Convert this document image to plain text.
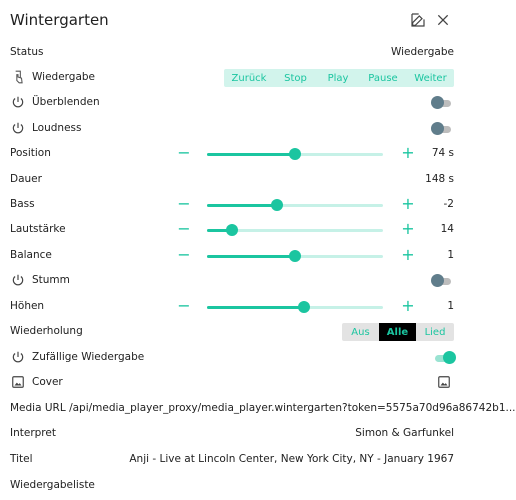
Wintergarten
Status	Wiedergabe
Wiedergabe	Zurück	Stop	Play	Pause	Weiter
Überblenden
Loudness
Position	−	+ 74 s
Dauer	148 s
Bass	−	+	-2
Lautstärke	−	+ 14
Balance	−	+	1
Stumm
Höhen	−	+	1
Wiederholung	Aus	Alle	Lied
Zufällige Wiedergabe
Cover
Media URL /api/media_player_proxy/media_player.wintergarten?token=5575a70d96a86742b1...
Interpret	Simon & Garfunkel
Titel	Anji - Live at Lincoln Center, New York City, NY - January 1967
Wiedergabeliste
